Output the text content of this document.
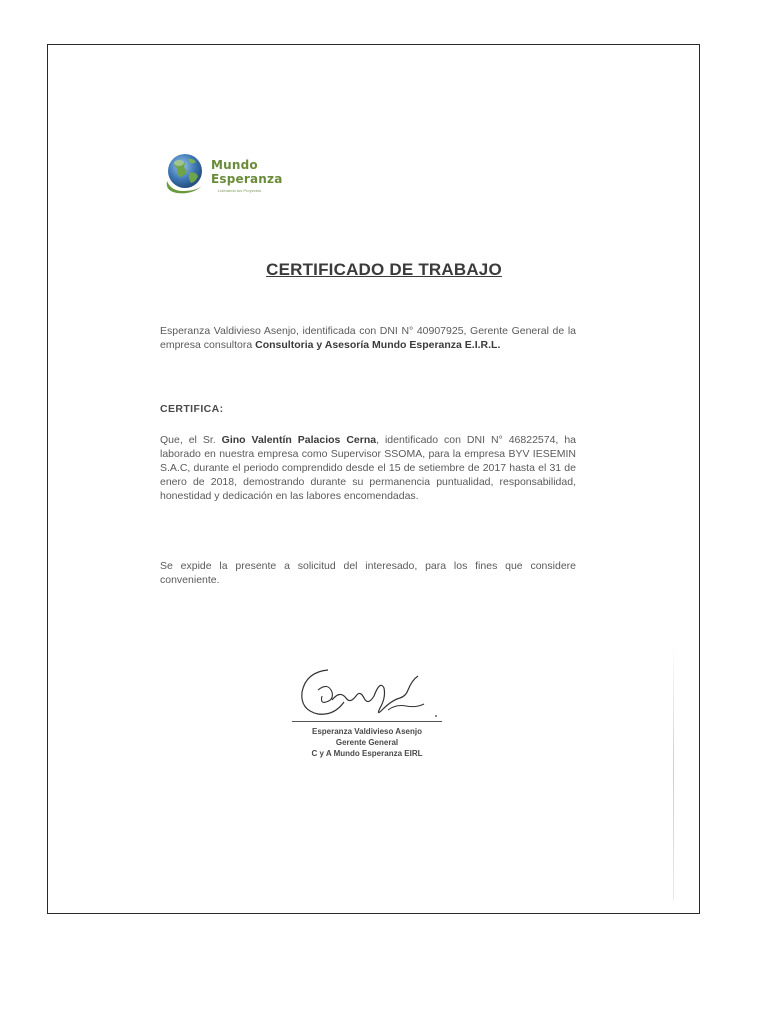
Mundo
Esperanza
Liderando tus Proyectos
CERTIFICADO DE TRABAJO
Esperanza Valdivieso Asenjo, identificada con DNI N° 40907925, Gerente General de la empresa consultora Consultoria y Asesoría Mundo Esperanza E.I.R.L.
CERTIFICA:
Que, el Sr. Gino Valentín Palacios Cerna, identificado con DNI N° 46822574, ha laborado en nuestra empresa como Supervisor SSOMA, para la empresa BYV IESEMIN S.A.C, durante el periodo comprendido desde el 15 de setiembre de 2017 hasta el 31 de enero de 2018, demostrando durante su permanencia puntualidad, responsabilidad, honestidad y dedicación en las labores encomendadas.
Se expide la presente a solicitud del interesado, para los fines que considere conveniente.
Esperanza Valdivieso Asenjo
Gerente General
C y A Mundo Esperanza EIRL
